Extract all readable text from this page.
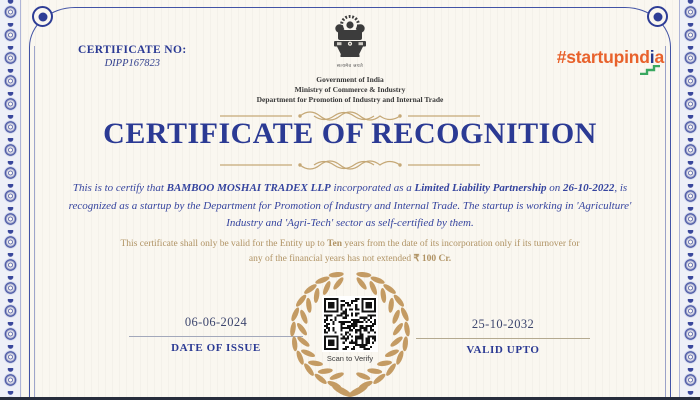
CERTIFICATE NO:
DIPP167823	सत्यमेव जयते
Government of India
Ministry of Commerce & Industry
Department for Promotion of Industry and Internal Trade
#startupindia
CERTIFICATE OF RECOGNITION
This is to certify that BAMBOO MOSHAI TRADEX LLP incorporated as a Limited Liability Partnership on 26-10-2022, is recognized as a startup by the Department for Promotion of Industry and Internal Trade. The startup is working in 'Agriculture' Industry and 'Agri-Tech' sector as self-certified by them.
This certificate shall only be valid for the Entity up to Ten years from the date of its incorporation only if its turnover for any of the financial years has not extended ₹ 100 Cr.
06-06-2024
DATE OF ISSUE
Scan to Verify
25-10-2032
VALID UPTO
